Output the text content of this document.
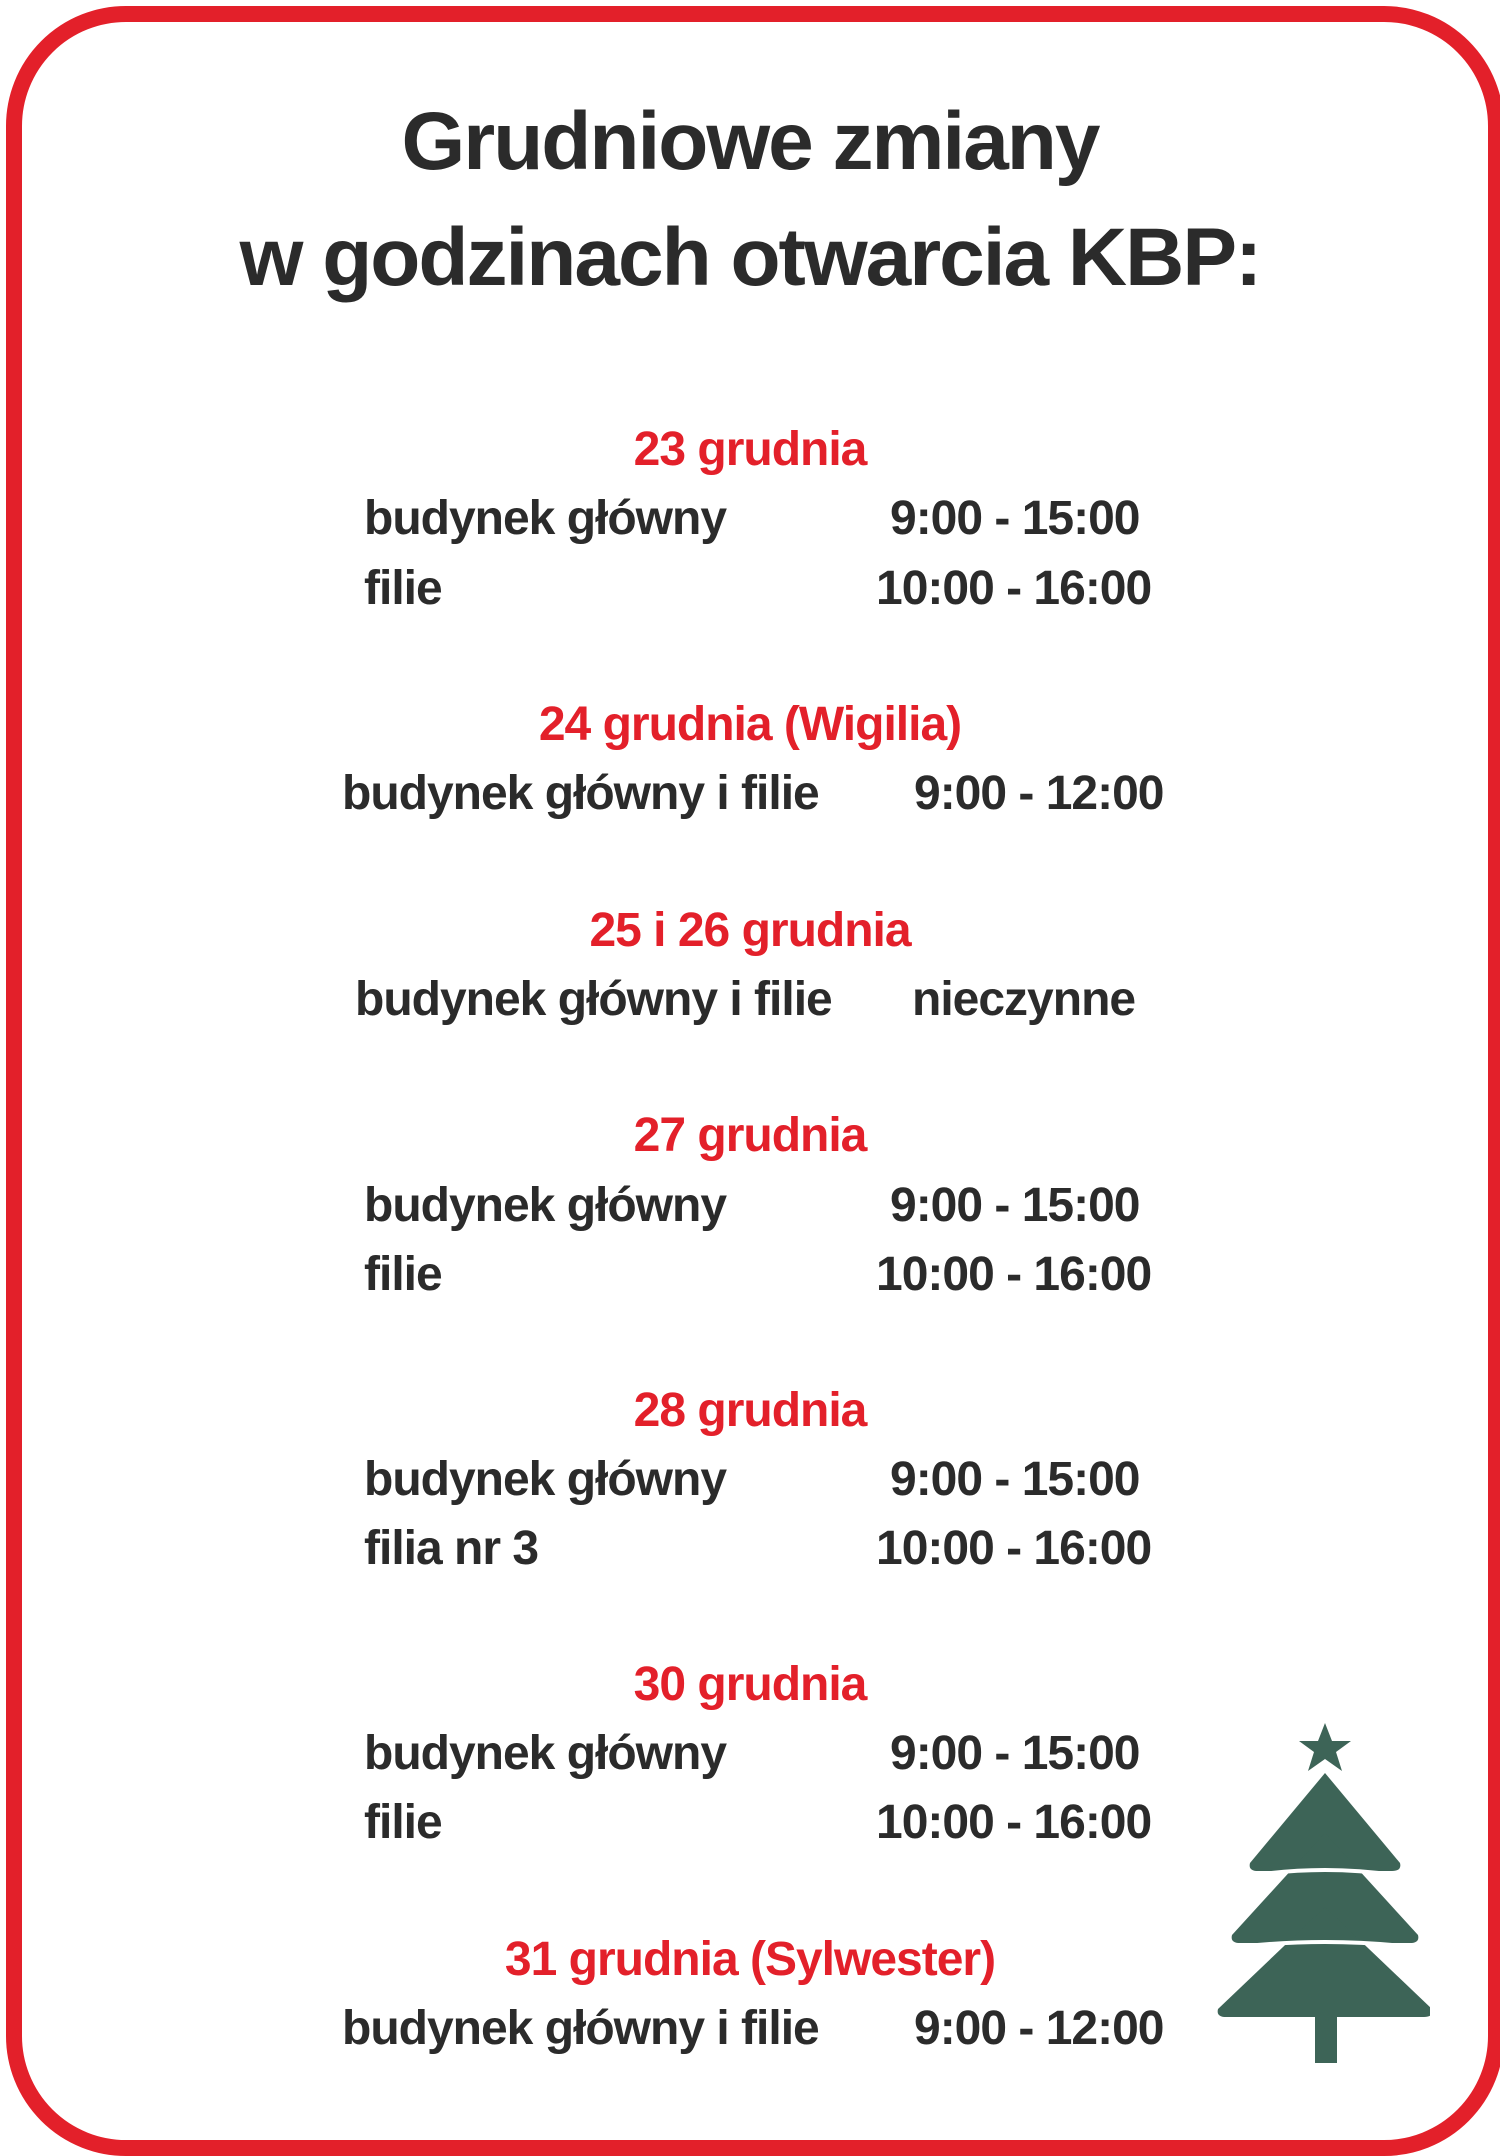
Grudniowe zmiany
w godzinach otwarcia KBP:
23 grudnia
budynek główny	9:00 - 15:00
filie	10:00 - 16:00
24 grudnia (Wigilia)
budynek główny i filie 9:00 - 12:00
25 i 26 grudnia
budynek główny i filie nieczynne
27 grudnia
budynek główny	9:00 - 15:00
filie	10:00 - 16:00
28 grudnia
budynek główny	9:00 - 15:00
filia nr 3	10:00 - 16:00
30 grudnia
budynek główny	9:00 - 15:00
filie	10:00 - 16:00
31 grudnia (Sylwester)
budynek główny i filie 9:00 - 12:00
